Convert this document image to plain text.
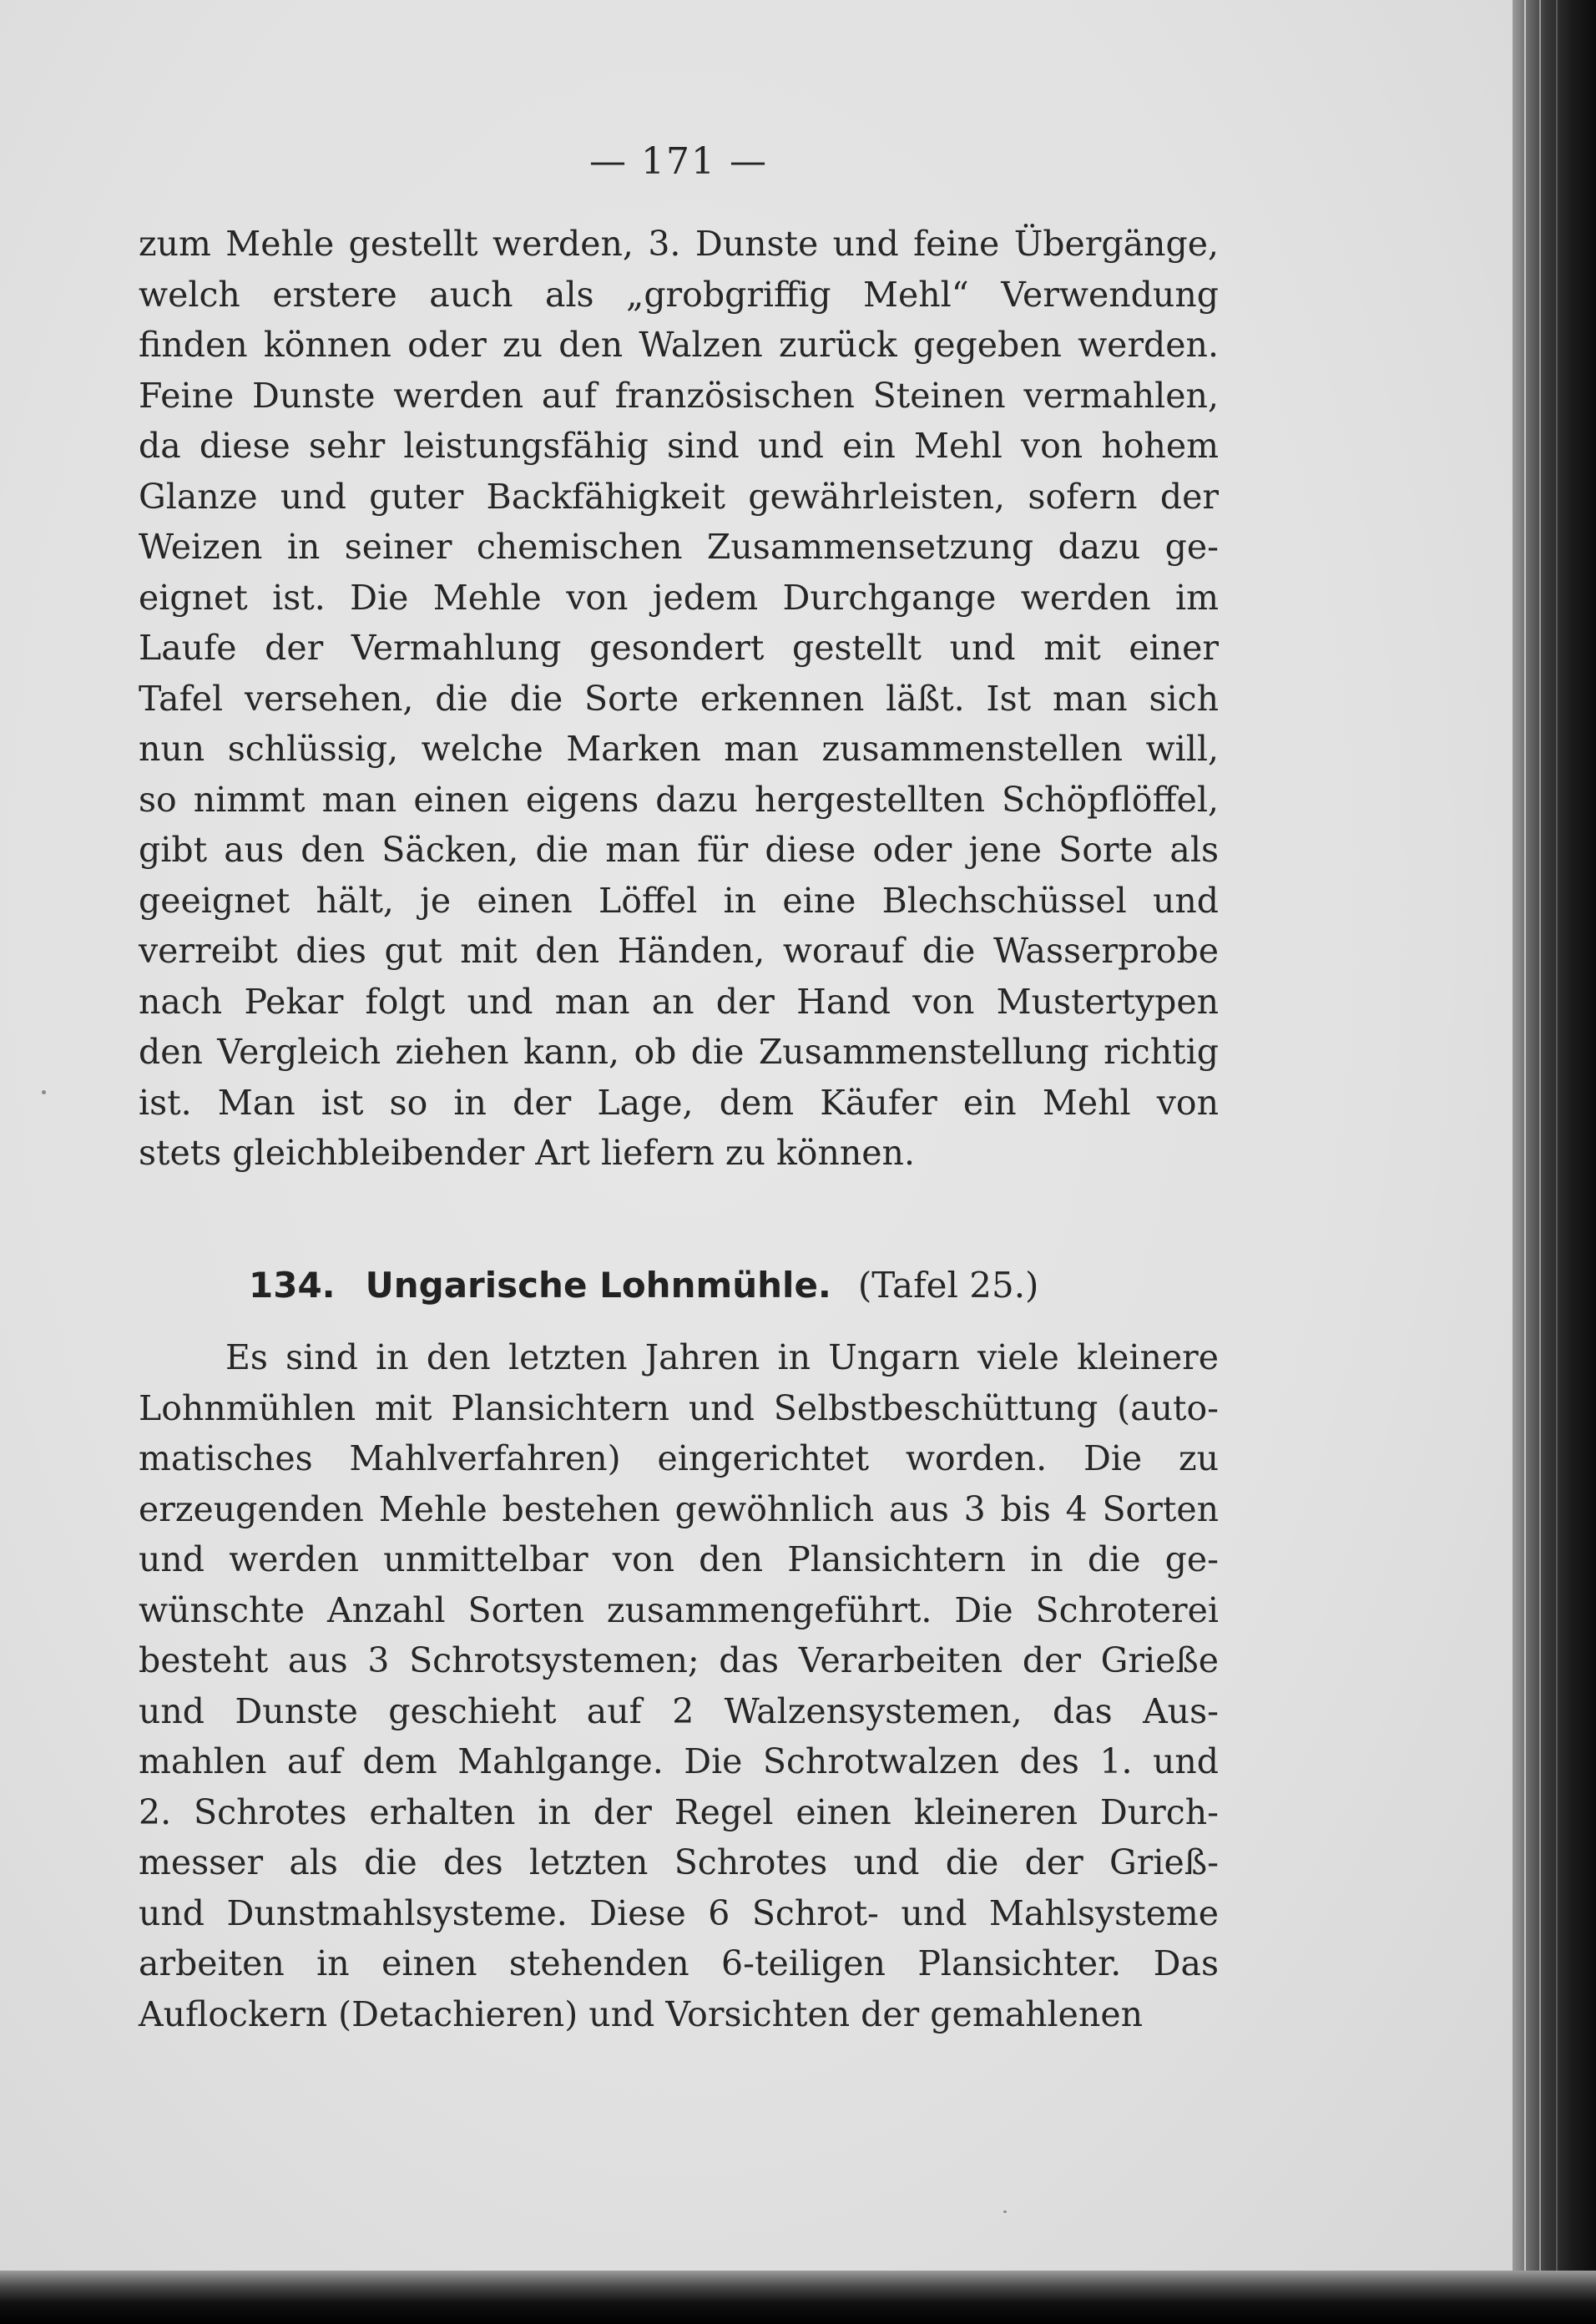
— 171 —
zum Mehle gestellt werden, 3. Dunste und feine Übergänge,
welch erstere auch als „grobgriffig Mehl“ Verwendung
finden können oder zu den Walzen zurück gegeben werden.
Feine Dunste werden auf französischen Steinen vermahlen,
da diese sehr leistungsfähig sind und ein Mehl von hohem
Glanze und guter Backfähigkeit gewährleisten, sofern der
Weizen in seiner chemischen Zusammensetzung dazu ge-
eignet ist. Die Mehle von jedem Durchgange werden im
Laufe der Vermahlung gesondert gestellt und mit einer
Tafel versehen, die die Sorte erkennen läßt. Ist man sich
nun schlüssig, welche Marken man zusammenstellen will,
so nimmt man einen eigens dazu hergestellten Schöpflöffel,
gibt aus den Säcken, die man für diese oder jene Sorte als
geeignet hält, je einen Löffel in eine Blechschüssel und
verreibt dies gut mit den Händen, worauf die Wasserprobe
nach Pekar folgt und man an der Hand von Mustertypen
den Vergleich ziehen kann, ob die Zusammenstellung richtig
ist. Man ist so in der Lage, dem Käufer ein Mehl von
stets gleichbleibender Art liefern zu können.
134. Ungarische Lohnmühle. (Tafel 25.)
Es sind in den letzten Jahren in Ungarn viele kleinere
Lohnmühlen mit Plansichtern und Selbstbeschüttung (auto-
matisches Mahlverfahren) eingerichtet worden. Die zu
erzeugenden Mehle bestehen gewöhnlich aus 3 bis 4 Sorten
und werden unmittelbar von den Plansichtern in die ge-
wünschte Anzahl Sorten zusammengeführt. Die Schroterei
besteht aus 3 Schrotsystemen; das Verarbeiten der Grieße
und Dunste geschieht auf 2 Walzensystemen, das Aus-
mahlen auf dem Mahlgange. Die Schrotwalzen des 1. und
2. Schrotes erhalten in der Regel einen kleineren Durch-
messer als die des letzten Schrotes und die der Grieß-
und Dunstmahlsysteme. Diese 6 Schrot- und Mahlsysteme
arbeiten in einen stehenden 6-teiligen Plansichter. Das
Auflockern (Detachieren) und Vorsichten der gemahlenen
